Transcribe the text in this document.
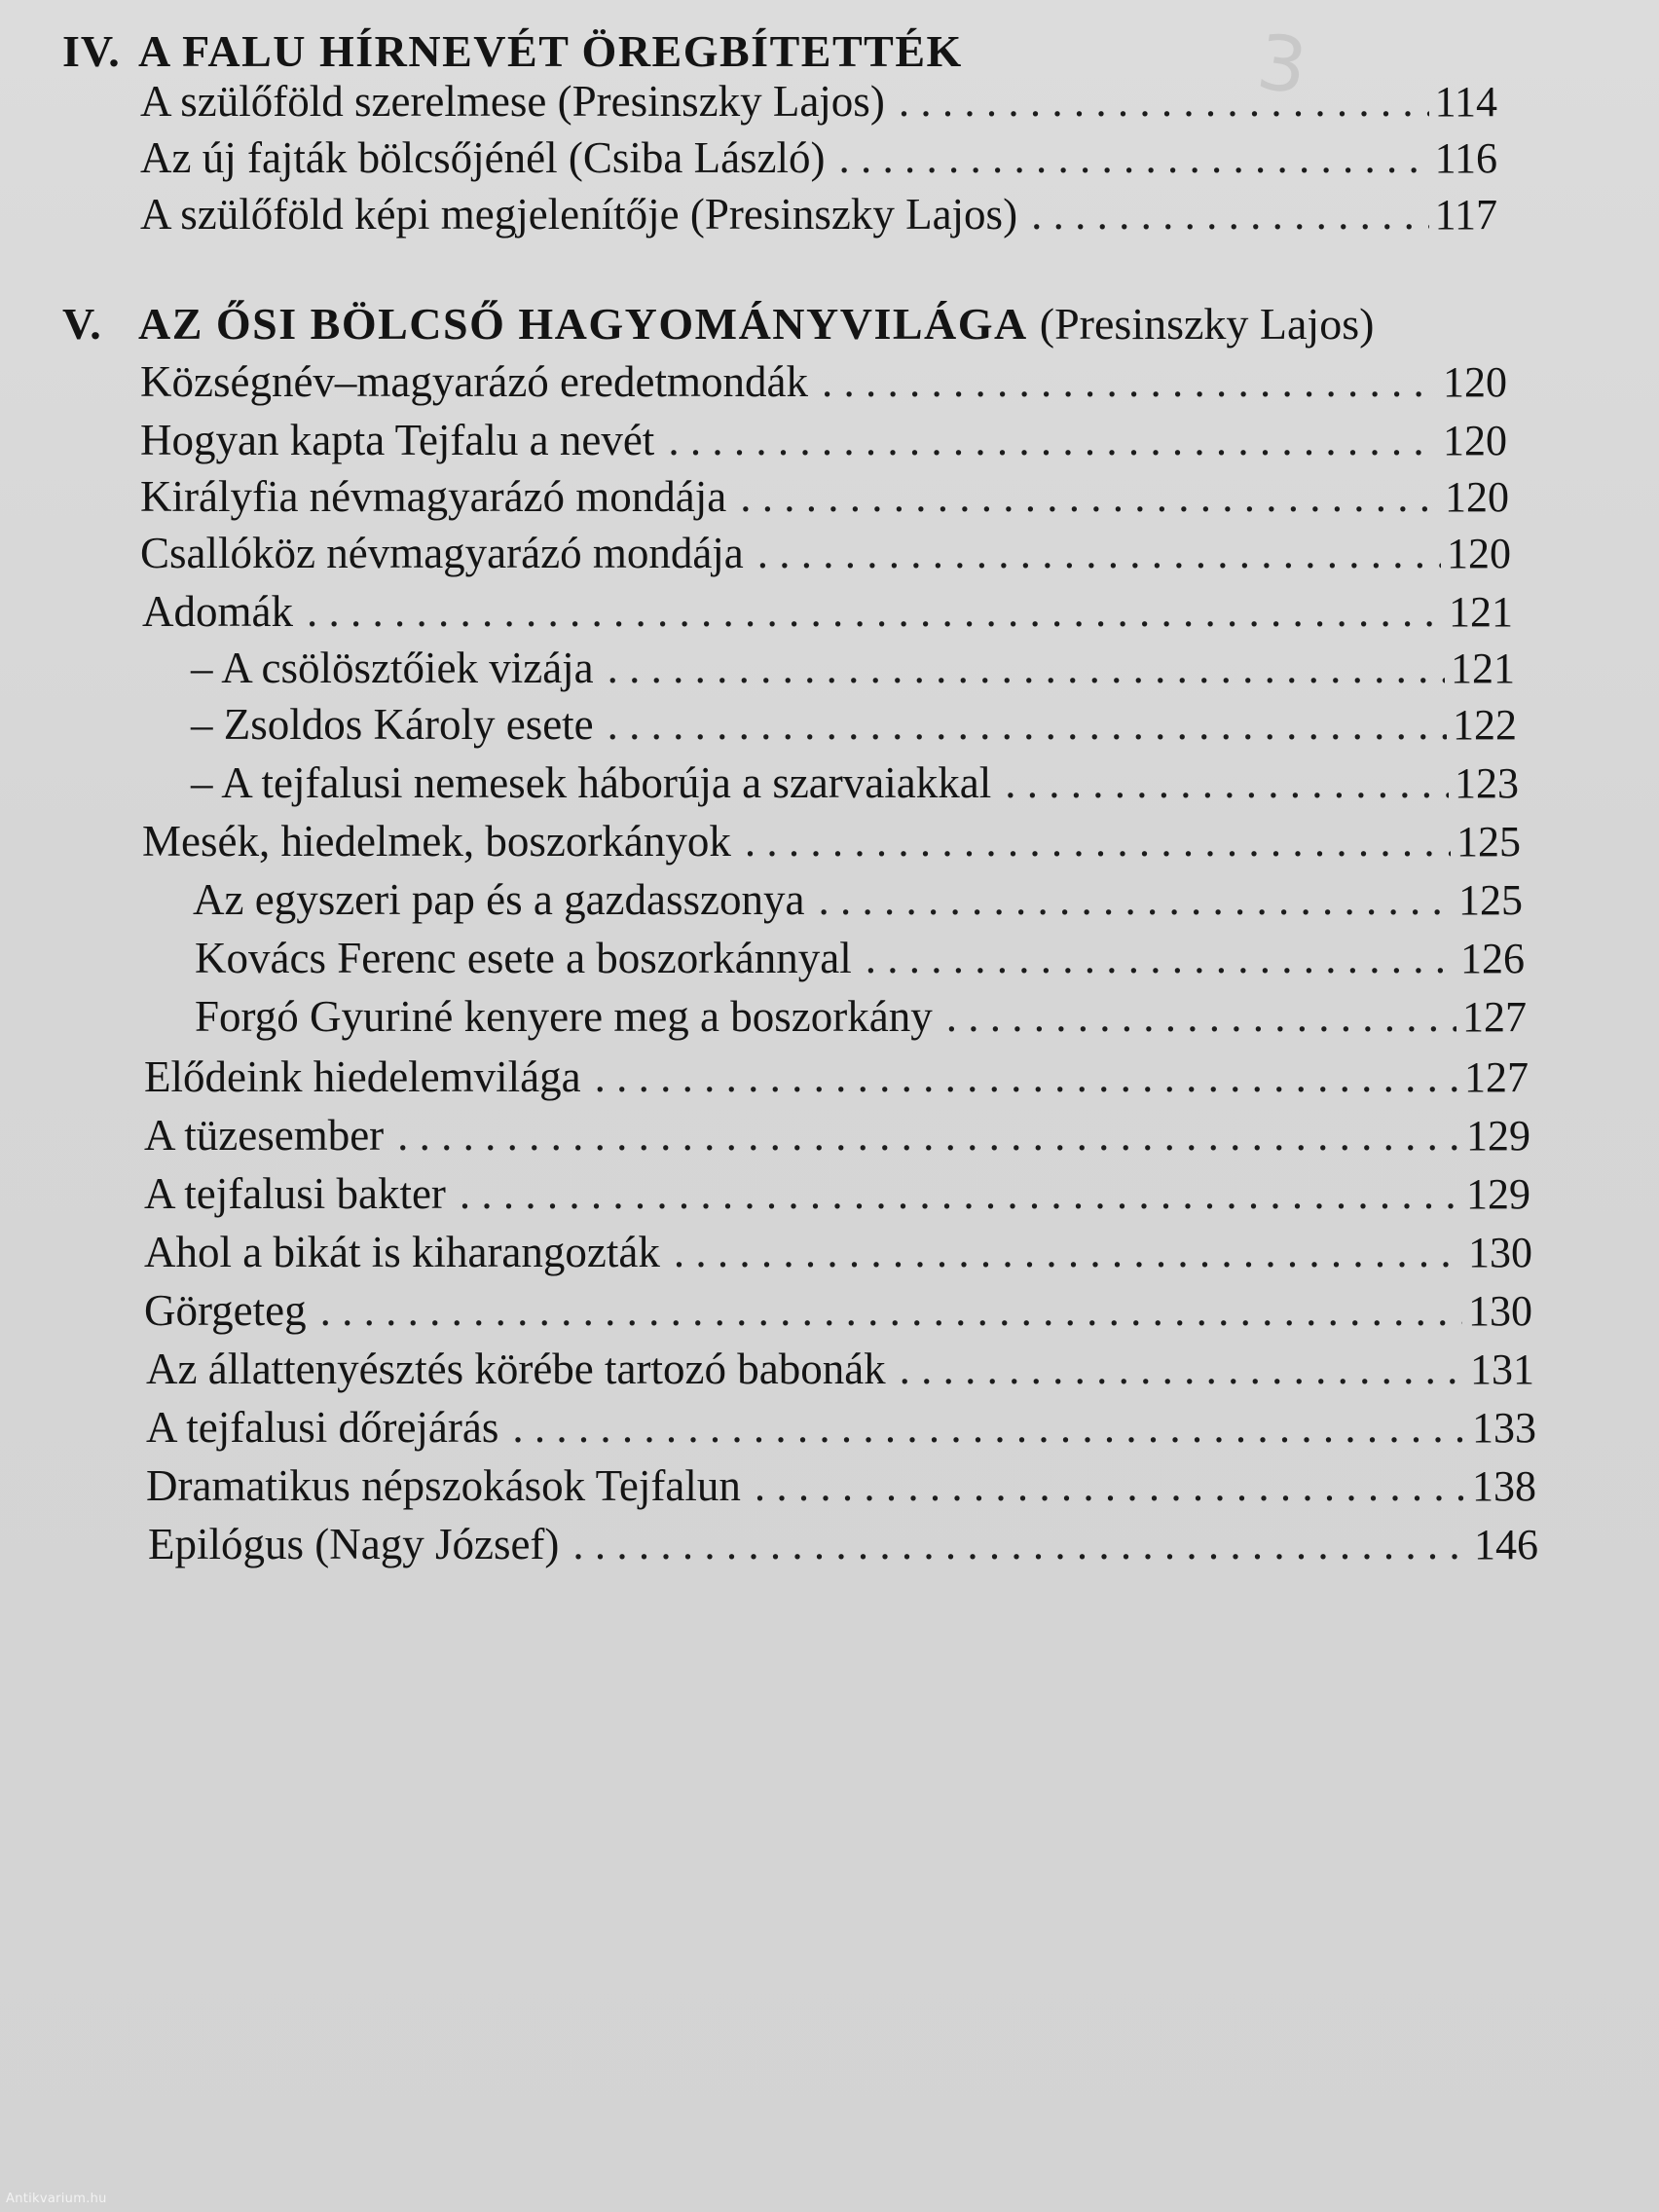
3
IV. A FALU HÍRNEVÉT ÖREGBÍTETTÉK
A szülőföld szerelmese (Presinszky Lajos) . . .	114
Az új fajták bölcsőjénél (Csiba László) . . .	116
A szülőföld képi megjelenítője (Presinszky Lajos) . . .	117
V. AZ ŐSI BÖLCSŐ HAGYOMÁNYVILÁGA (Presinszky Lajos)
Községnév–magyarázó eredetmondák . . .	120
Hogyan kapta Tejfalu a nevét . . .	120
Királyfia névmagyarázó mondája . . .	120
Csallóköz névmagyarázó mondája . . .	120
Adomák . . .	121
– A csölösztőiek vizája . . .	121
– Zsoldos Károly esete . . .	122
– A tejfalusi nemesek háborúja a szarvaiakkal . . .	123
Mesék, hiedelmek, boszorkányok . . .	125
Az egyszeri pap és a gazdasszonya . . .	125
Kovács Ferenc esete a boszorkánnyal . . .	126
Forgó Gyuriné kenyere meg a boszorkány . . .	127
Elődeink hiedelemvilága . . .	127
A tüzesember . . .	129
A tejfalusi bakter . . .	129
Ahol a bikát is kiharangozták . . .	130
Görgeteg . . .	130
Az állattenyésztés körébe tartozó babonák . . .	131
A tejfalusi dőrejárás . . .	133
Dramatikus népszokások Tejfalun . . .	138
Epilógus (Nagy József) . . .	146
Antikvarium.hu
